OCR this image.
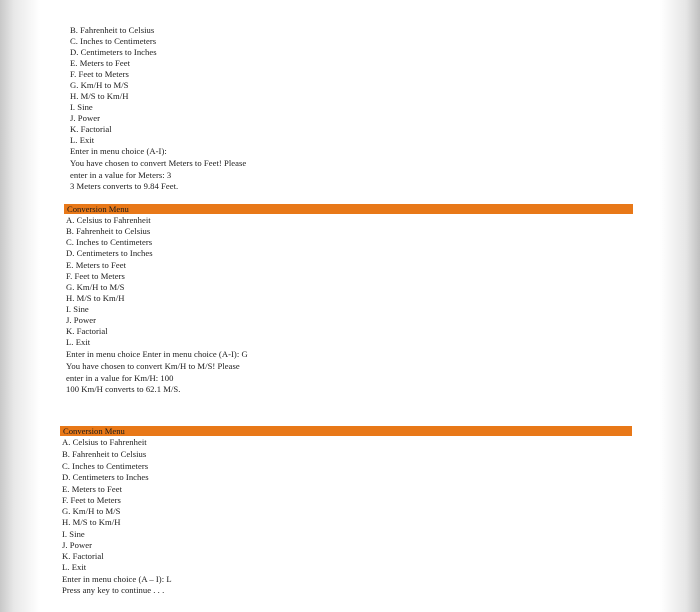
B. Fahrenheit to Celsius
C. Inches to Centimeters
D. Centimeters to Inches
E. Meters to Feet
F. Feet to Meters
G. Km/H to M/S
H. M/S to Km/H
I. Sine
J. Power
K. Factorial
L. Exit
Enter in menu choice (A-I):
You have chosen to convert Meters to Feet! Please
enter in a value for Meters: 3
3 Meters converts to 9.84 Feet.
Conversion Menu
A. Celsius to Fahrenheit
B. Fahrenheit to Celsius
C. Inches to Centimeters
D. Centimeters to Inches
E. Meters to Feet
F. Feet to Meters
G. Km/H to M/S
H. M/S to Km/H
I. Sine
J. Power
K. Factorial
L. Exit
Enter in menu choice Enter in menu choice (A-I): G
You have chosen to convert Km/H to M/S! Please
enter in a value for Km/H: 100
100 Km/H converts to 62.1 M/S.
Conversion Menu
A. Celsius to Fahrenheit
B. Fahrenheit to Celsius
C. Inches to Centimeters
D. Centimeters to Inches
E. Meters to Feet
F. Feet to Meters
G. Km/H to M/S
H. M/S to Km/H
I. Sine
J. Power
K. Factorial
L. Exit
Enter in menu choice (A – I): L
Press any key to continue . . .
